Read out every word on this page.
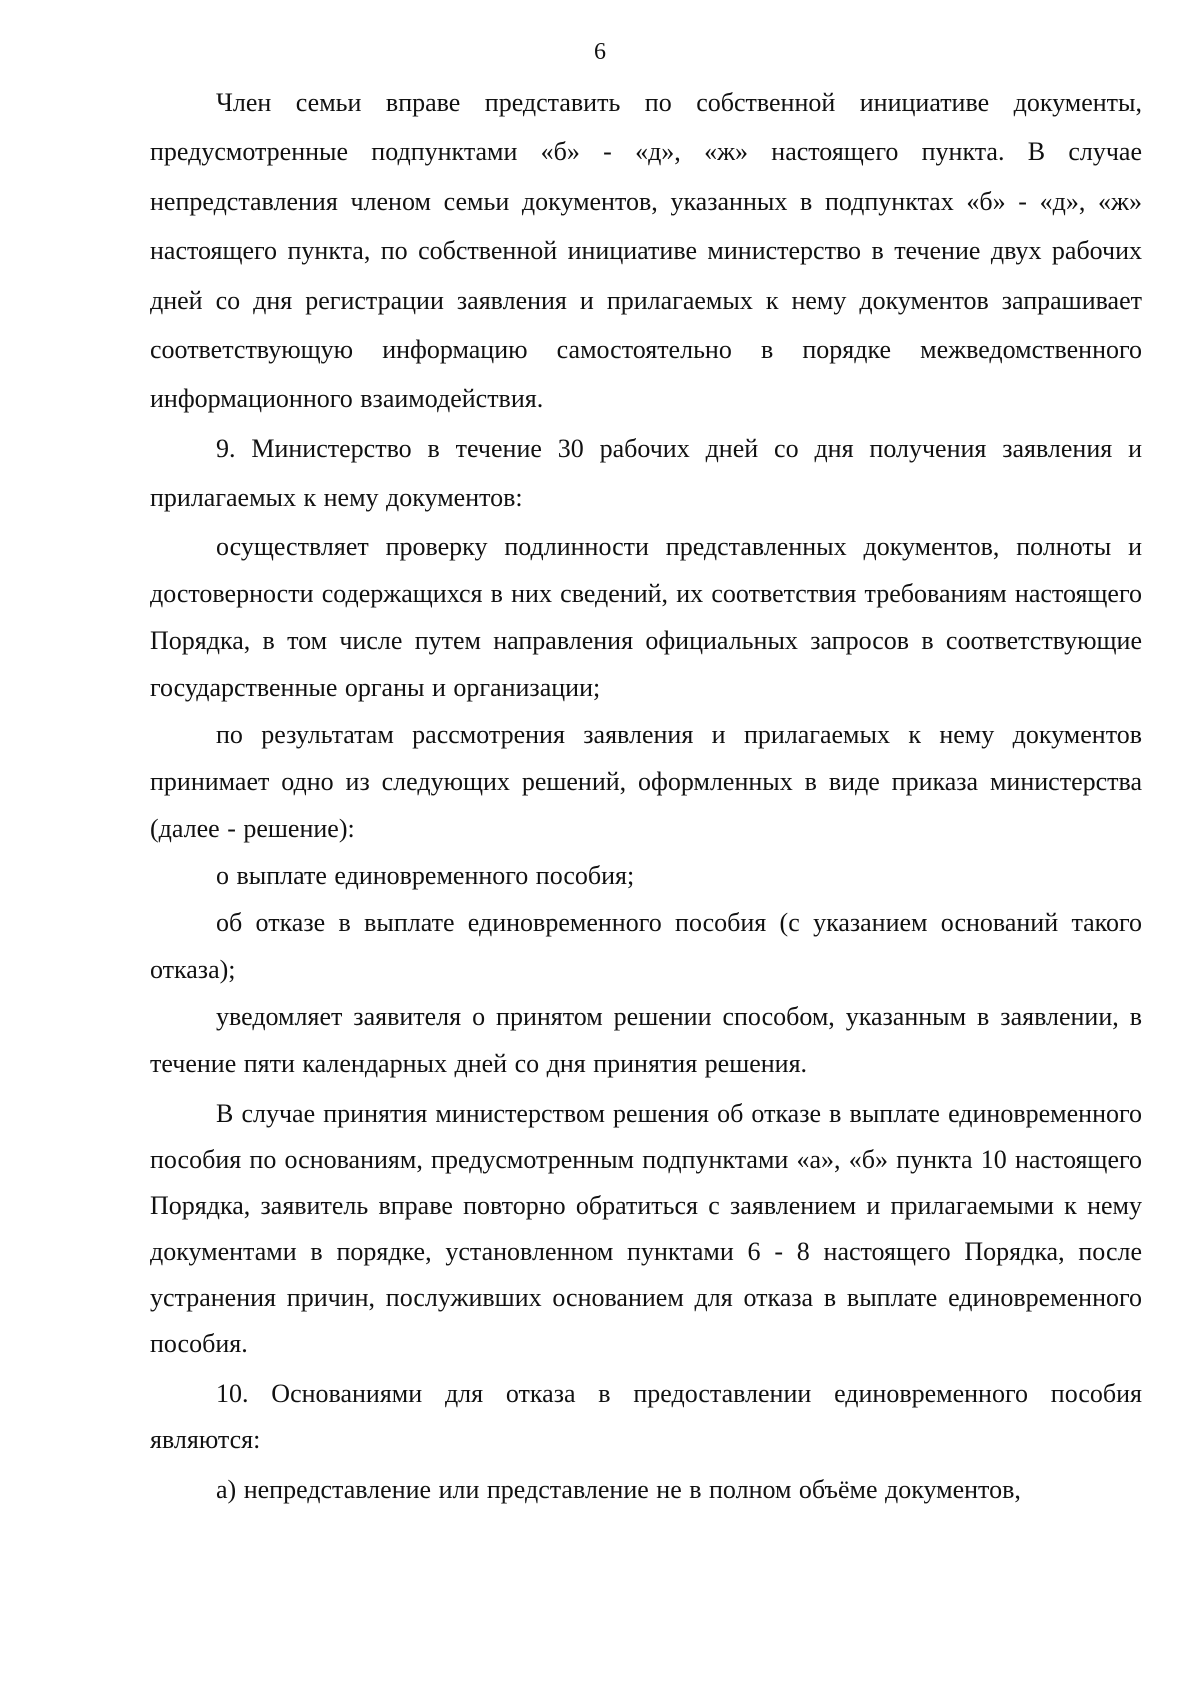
6

Член семьи вправе представить по собственной инициативе документы, предусмотренные подпунктами «б» - «д», «ж» настоящего пункта. В случае непредставления членом семьи документов, указанных в подпунктах «б» - «д», «ж» настоящего пункта, по собственной инициативе министерство в течение двух рабочих дней со дня регистрации заявления и прилагаемых к нему документов запрашивает соответствующую информацию самостоятельно в порядке межведомственного информационного взаимодействия.

9. Министерство в течение 30 рабочих дней со дня получения заявления и прилагаемых к нему документов:

осуществляет проверку подлинности представленных документов, полноты и достоверности содержащихся в них сведений, их соответствия требованиям настоящего Порядка, в том числе путем направления официальных запросов в соответствующие государственные органы и организации;

по результатам рассмотрения заявления и прилагаемых к нему документов принимает одно из следующих решений, оформленных в виде приказа министерства (далее - решение):

о выплате единовременного пособия;

об отказе в выплате единовременного пособия (с указанием оснований такого отказа);

уведомляет заявителя о принятом решении способом, указанным в заявлении, в течение пяти календарных дней со дня принятия решения.

В случае принятия министерством решения об отказе в выплате единовременного пособия по основаниям, предусмотренным подпунктами «а», «б» пункта 10 настоящего Порядка, заявитель вправе повторно обратиться с заявлением и прилагаемыми к нему документами в порядке, установленном пунктами 6 - 8 настоящего Порядка, после устранения причин, послуживших основанием для отказа в выплате единовременного пособия.

10. Основаниями для отказа в предоставлении единовременного пособия являются:

а) непредставление или представление не в полном объёме документов,
